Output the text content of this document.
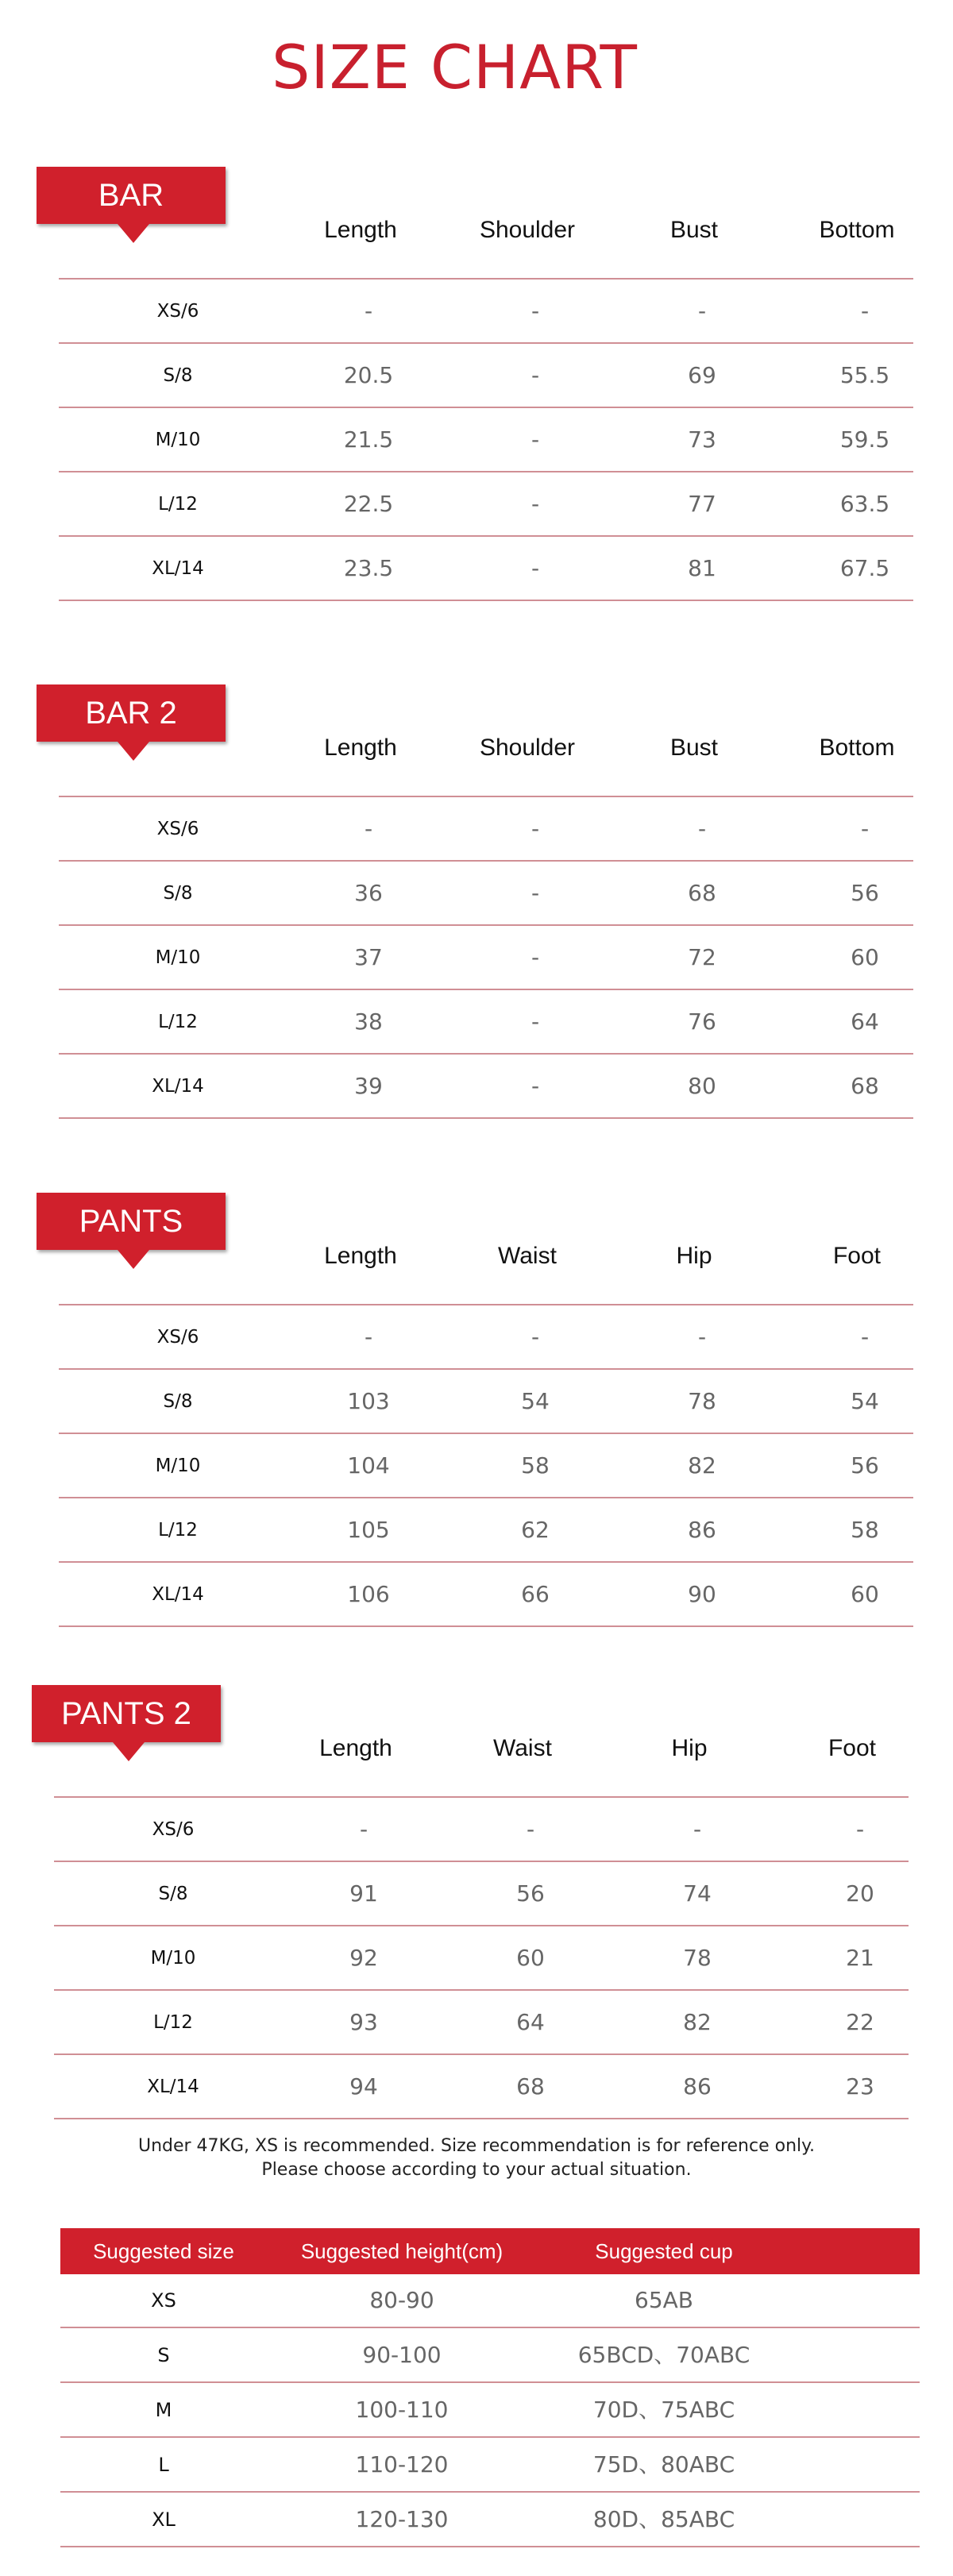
SIZE CHART
BAR
Length	Shoulder	Bust	Bottom
XS/6	-	-	-	-
S/8	20.5	-	69	55.5
M/10	21.5	-	73	59.5
L/12	22.5	-	77	63.5
XL/14	23.5	-	81	67.5
BAR 2
Length	Shoulder	Bust	Bottom
XS/6	-	-	-	-
S/8	36	-	68	56
M/10	37	-	72	60
L/12	38	-	76	64
XL/14	39	-	80	68
PANTS
Length	Waist	Hip	Foot
XS/6	-	-	-	-
S/8	103	54	78	54
M/10	104	58	82	56
L/12	105	62	86	58
XL/14	106	66	90	60
PANTS 2
Length	Waist	Hip	Foot
XS/6	-	-	-	-
S/8	91	56	74	20
M/10	92	60	78	21
L/12	93	64	82	22
XL/14	94	68	86	23
Under 47KG, XS is recommended. Size recommendation is for reference only.
Please choose according to your actual situation.
Suggested size	Suggested height(cm)	Suggested cup
XS	80-90	65AB
S	90-100	65BCD、70ABC
M	100-110	70D、75ABC
L	110-120	75D、80ABC
XL	120-130	80D、85ABC
